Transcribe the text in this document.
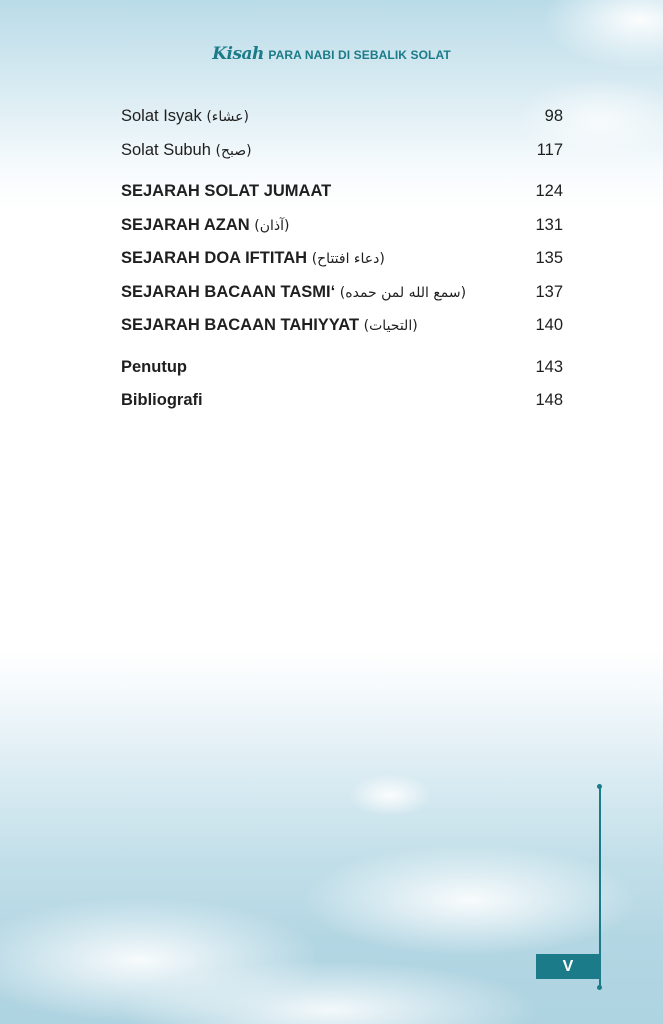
Kisah PARA NABI DI SEBALIK SOLAT
Solat Isyak (عشاء)	98
Solat Subuh (صبح)	117
SEJARAH SOLAT JUMAAT	124
SEJARAH AZAN (آذان)	131
SEJARAH DOA IFTITAH (دعاء افتتاح)	135
SEJARAH BACAAN TASMI‘ (سمع الله لمن حمده)	137
SEJARAH BACAAN TAHIYYAT (التحيات)	140
Penutup	143
Bibliografi	148
V
